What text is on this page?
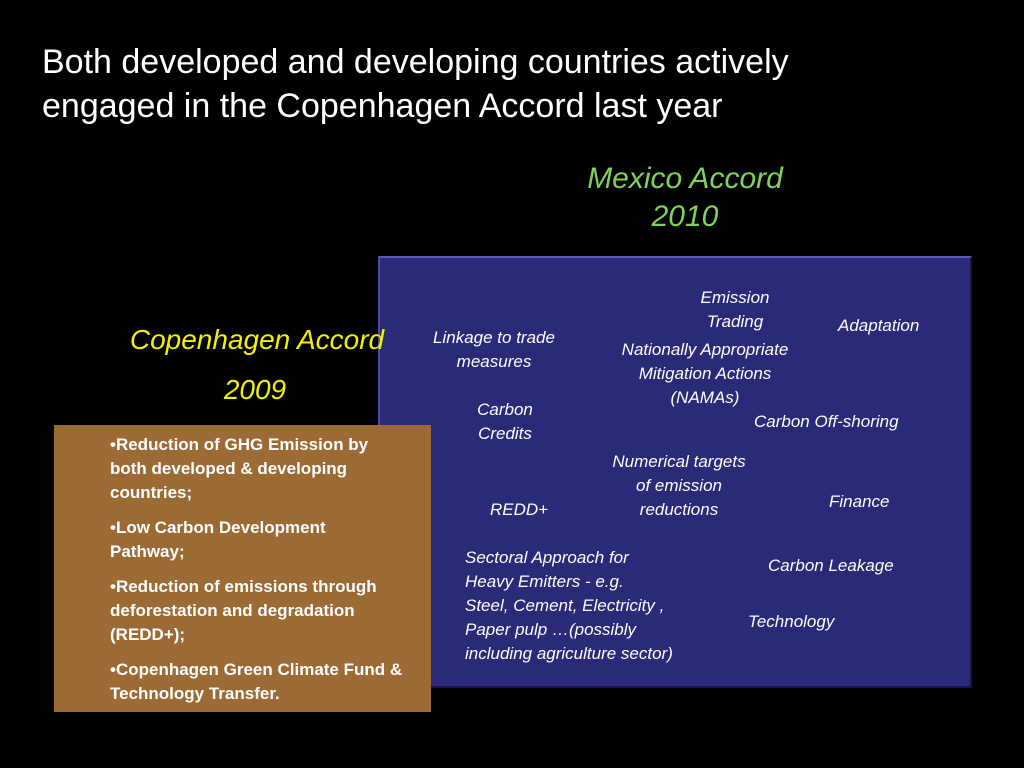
Both developed and developing countries actively
engaged in the Copenhagen Accord last year
Mexico Accord
2010
Emission
Trading	Adaptation
Linkage to trade
measures
Nationally Appropriate
Mitigation Actions
(NAMAs)
Carbon
Credits
Carbon Off-shoring
Numerical targets
of emission
reductions	Finance
REDD+
Sectoral Approach for
Heavy Emitters - e.g.
Steel, Cement, Electricity ,
Paper pulp …(possibly
including agriculture sector)
Carbon Leakage
Technology
Copenhagen Accord
2009
•Reduction of GHG Emission by both developed & developing countries;
•Low Carbon Development Pathway;
•Reduction of emissions through deforestation and degradation (REDD+);
•Copenhagen Green Climate Fund & Technology Transfer.
